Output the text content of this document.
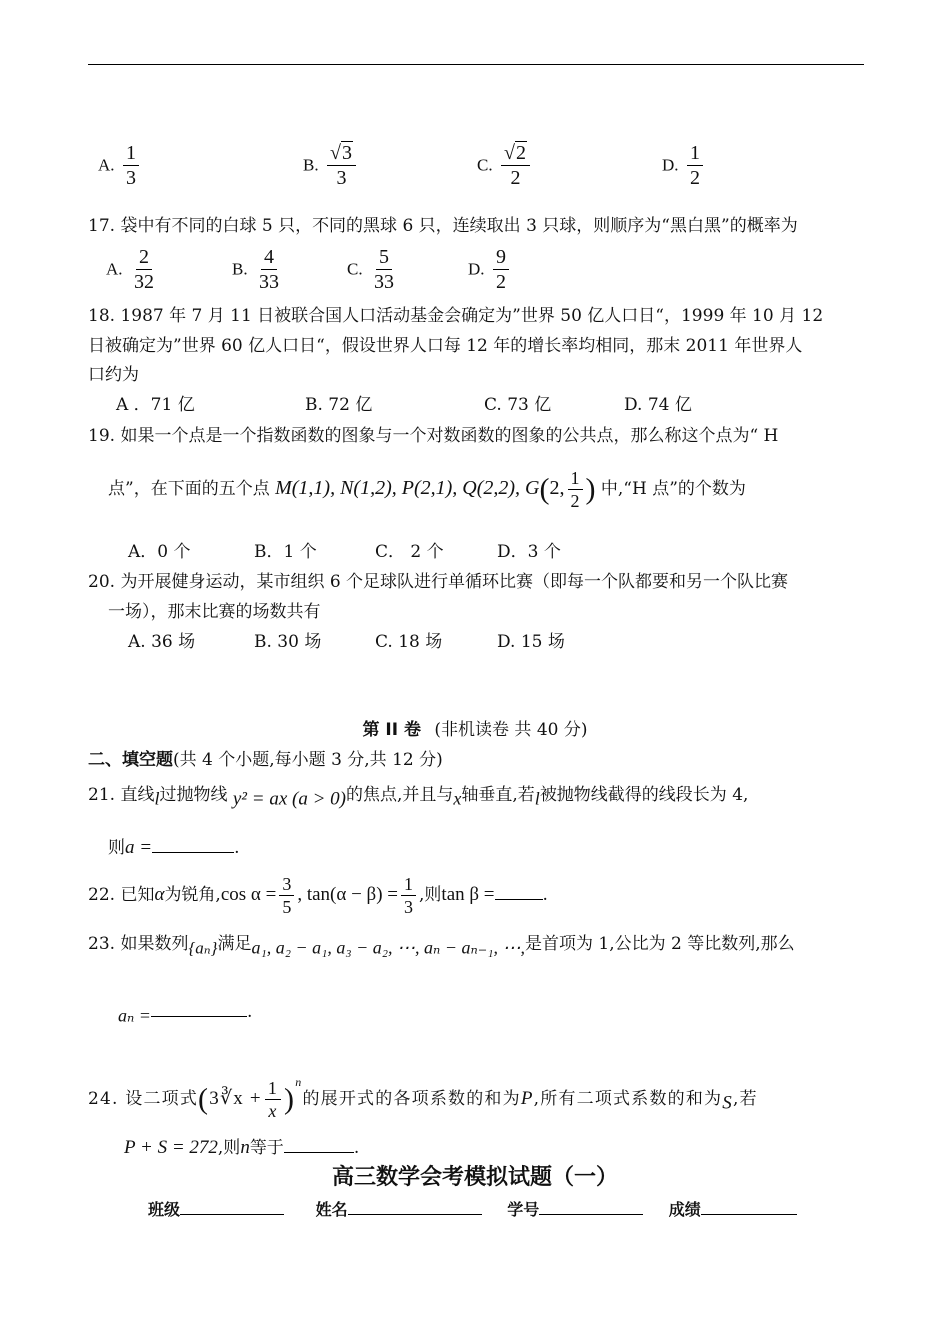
A. $\frac{1}{3}$	B. $\frac{√3}{3}$	C. $\frac{√2}{2}$	D. $\frac{1}{2}$
17. 袋中有不同的白球 5 只，不同的黑球 6 只，连续取出 3 只球，则顺序为“黑白黑”的概率为
A. $\frac{2}{32}$	B. $\frac{4}{33}$	C. $\frac{5}{33}$	D. $\frac{9}{2}$
18. 1987 年 7 月 11 日被联合国人口活动基金会确定为”世界 50 亿人口日“，1999 年 10 月 12
日被确定为”世界 60 亿人口日“，假设世界人口每 12 年的增长率均相同，那末 2011 年世界人
口约为
A ．71 亿	B. 72 亿	C. 73 亿	D. 74 亿
19. 如果一个点是一个指数函数的图象与一个对数函数的图象的公共点，那么称这个点为“ H
点”，在下面的五个点 M(1,1), N(1,2), P(2,1), Q(2,2), G(2, $\frac{1}{2}$ ) 中,“H 点”的个数为
A．0 个	B．1 个	C． 2 个	D．3 个
20. 为开展健身运动，某市组织 6 个足球队进行单循环比赛（即每一个队都要和另一个队比赛
一场），那末比赛的场数共有
A. 36 场	B. 30 场	C. 18 场	D. 15 场
第 II 卷 (非机读卷 共 40 分)
二、填空题(共 4 个小题,每小题 3 分,共 12 分)
21. 直线l过抛物线 y² = ax (a > 0)的焦点,并且与x轴垂直,若l被抛物线截得的线段长为 4,
则a =	.
22. 已知α为锐角,cos $\alpha = \frac{3}{5}$ , $\tan(\alpha - \beta) = \frac{1}{3}$ ,则tan β =	.
23. 如果数列{aₙ}满足a₁, a₂ − a₁, a₃ − a₂, ⋯, aₙ − aₙ₋₁, ⋯,是首项为 1,公比为 2 等比数列,那么
aₙ =	.
24. 设二项式(3∛x + $\frac{1}{x} )^n$的展开式的各项系数的和为P,所有二项式系数的和为S,若
P + S = 272,则n等于	.
高三数学会考模拟试题（一）
班级	姓名	学号	成绩
